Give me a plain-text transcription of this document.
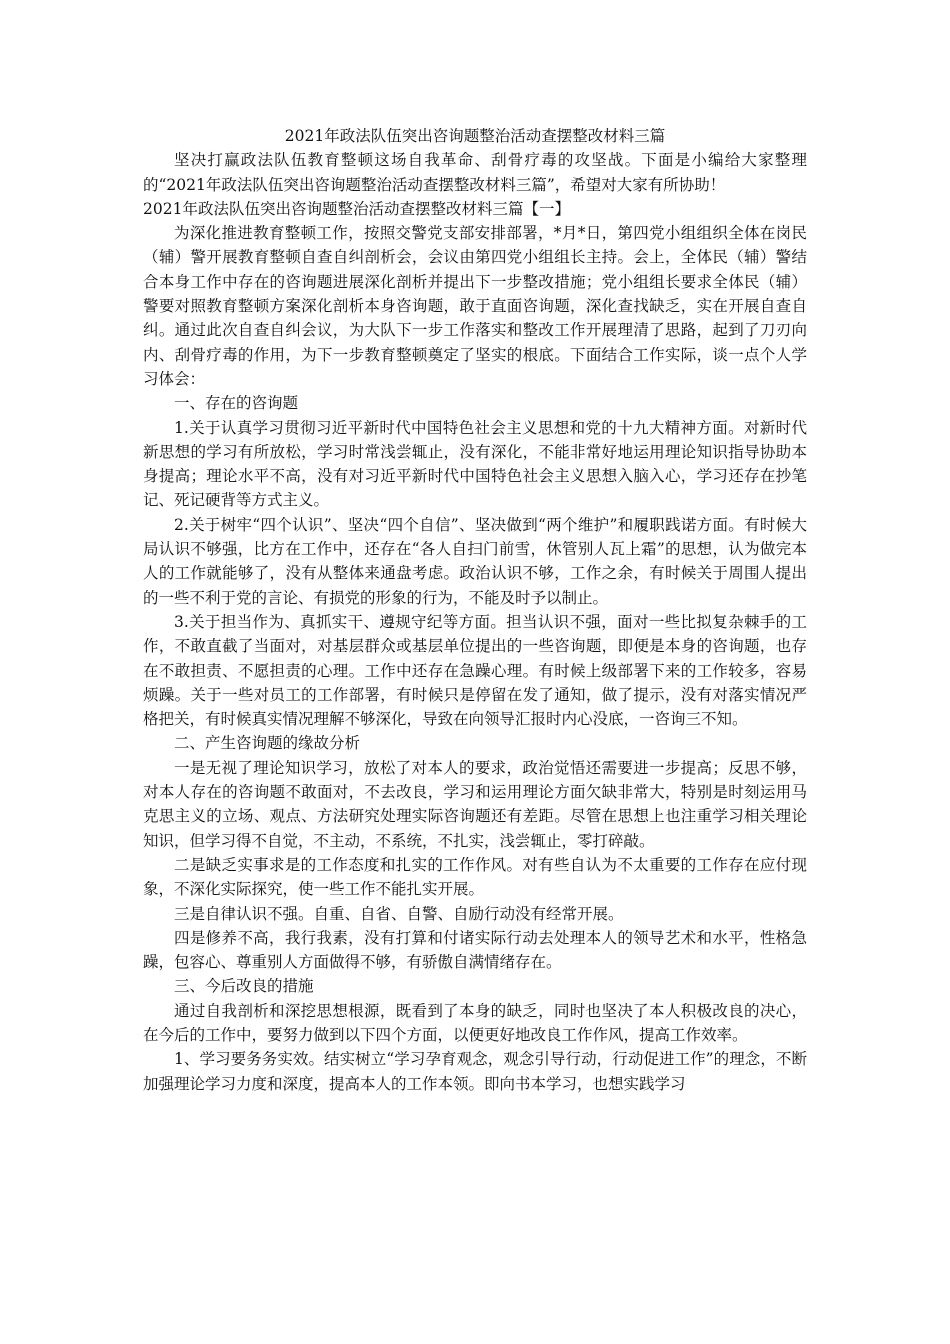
2021年政法队伍突出咨询题整治活动查摆整改材料三篇

坚决打赢政法队伍教育整顿这场自我革命、刮骨疗毒的攻坚战。下面是小编给大家整理的“2021年政法队伍突出咨询题整治活动查摆整改材料三篇”，希望对大家有所协助！

2021年政法队伍突出咨询题整治活动查摆整改材料三篇【一】

为深化推进教育整顿工作，按照交警党支部安排部署，*月*日，第四党小组组织全体在岗民（辅）警开展教育整顿自查自纠剖析会，会议由第四党小组组长主持。会上，全体民（辅）警结合本身工作中存在的咨询题进展深化剖析并提出下一步整改措施；党小组组长要求全体民（辅）警要对照教育整顿方案深化剖析本身咨询题，敢于直面咨询题，深化查找缺乏，实在开展自查自纠。通过此次自查自纠会议，为大队下一步工作落实和整改工作开展理清了思路，起到了刀刃向内、刮骨疗毒的作用，为下一步教育整顿奠定了坚实的根底。下面结合工作实际，谈一点个人学习体会：

一、存在的咨询题

1.关于认真学习贯彻习近平新时代中国特色社会主义思想和党的十九大精神方面。对新时代新思想的学习有所放松，学习时常浅尝辄止，没有深化，不能非常好地运用理论知识指导协助本身提高；理论水平不高，没有对习近平新时代中国特色社会主义思想入脑入心，学习还存在抄笔记、死记硬背等方式主义。

2.关于树牢“四个认识”、坚决“四个自信”、坚决做到“两个维护”和履职践诺方面。有时候大局认识不够强，比方在工作中，还存在“各人自扫门前雪，休管别人瓦上霜”的思想，认为做完本人的工作就能够了，没有从整体来通盘考虑。政治认识不够，工作之余，有时候关于周围人提出的一些不利于党的言论、有损党的形象的行为，不能及时予以制止。

3.关于担当作为、真抓实干、遵规守纪等方面。担当认识不强，面对一些比拟复杂棘手的工作，不敢直截了当面对，对基层群众或基层单位提出的一些咨询题，即便是本身的咨询题，也存在不敢担责、不愿担责的心理。工作中还存在急躁心理。有时候上级部署下来的工作较多，容易烦躁。关于一些对员工的工作部署，有时候只是停留在发了通知，做了提示，没有对落实情况严格把关，有时候真实情况理解不够深化，导致在向领导汇报时内心没底，一咨询三不知。

二、产生咨询题的缘故分析

一是无视了理论知识学习，放松了对本人的要求，政治觉悟还需要进一步提高；反思不够，对本人存在的咨询题不敢面对，不去改良，学习和运用理论方面欠缺非常大，特别是时刻运用马克思主义的立场、观点、方法研究处理实际咨询题还有差距。尽管在思想上也注重学习相关理论知识，但学习得不自觉，不主动，不系统，不扎实，浅尝辄止，零打碎敲。

二是缺乏实事求是的工作态度和扎实的工作作风。对有些自认为不太重要的工作存在应付现象，不深化实际探究，使一些工作不能扎实开展。

三是自律认识不强。自重、自省、自警、自励行动没有经常开展。

四是修养不高，我行我素，没有打算和付诸实际行动去处理本人的领导艺术和水平，性格急躁，包容心、尊重别人方面做得不够，有骄傲自满情绪存在。

三、今后改良的措施

通过自我剖析和深挖思想根源，既看到了本身的缺乏，同时也坚决了本人积极改良的决心，在今后的工作中，要努力做到以下四个方面，以便更好地改良工作作风，提高工作效率。

1、学习要务务实效。结实树立“学习孕育观念，观念引导行动，行动促进工作”的理念，不断加强理论学习力度和深度，提高本人的工作本领。即向书本学习，也想实践学习
